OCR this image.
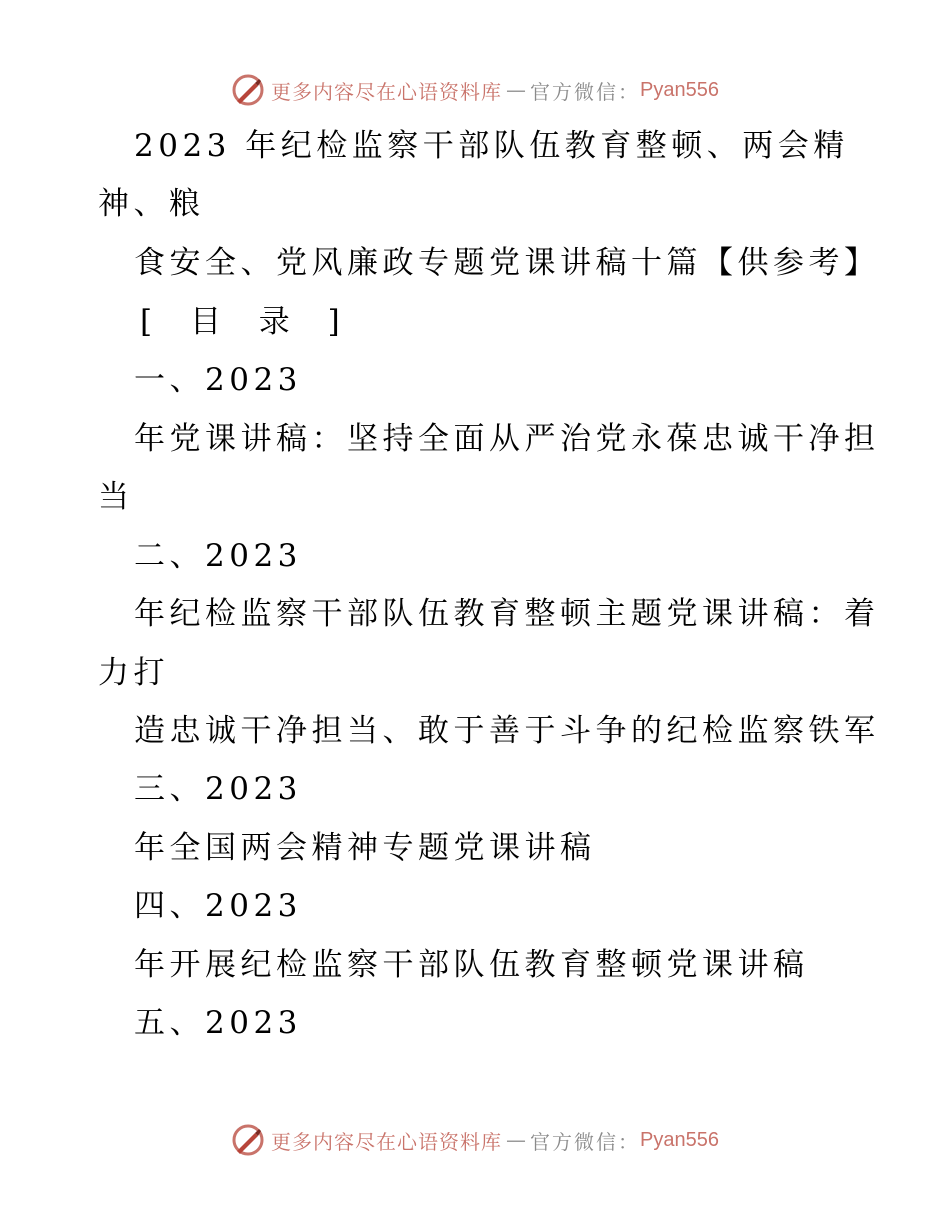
更多内容尽在心语资料库 — 官方微信： Pyan556
2023 年纪检监察干部队伍教育整顿、两会精
神、粮
食安全、党风廉政专题党课讲稿十篇【供参考】
[ 目 录 ]
一、2023
年党课讲稿：坚持全面从严治党永葆忠诚干净担
当
二、2023
年纪检监察干部队伍教育整顿主题党课讲稿：着
力打
造忠诚干净担当、敢于善于斗争的纪检监察铁军
三、2023
年全国两会精神专题党课讲稿
四、2023
年开展纪检监察干部队伍教育整顿党课讲稿
五、2023
更多内容尽在心语资料库 — 官方微信： Pyan556
